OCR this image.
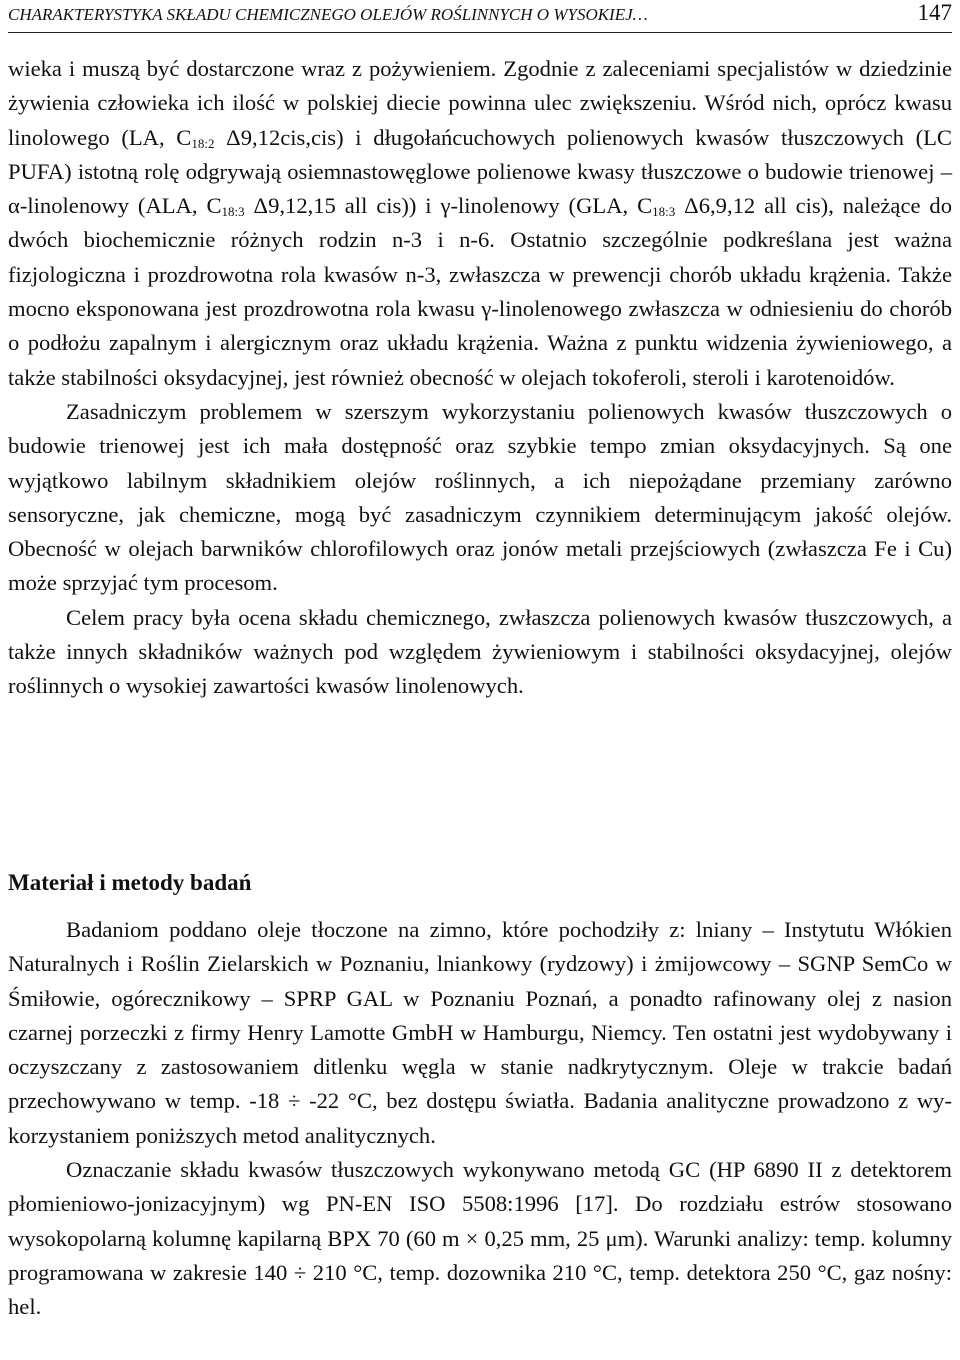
CHARAKTERYSTYKA SKŁADU CHEMICZNEGO OLEJÓW ROŚLINNYCH O WYSOKIEJ…	147

wieka i muszą być dostarczone wraz z pożywieniem. Zgodnie z zaleceniami specjalistów w dziedzinie żywienia człowieka ich ilość w polskiej diecie powinna ulec zwiększeniu. Wśród nich, oprócz kwasu linolowego (LA, $C_{18:2}$ Δ9,12cis,cis) i długołańcuchowych polienowych kwasów tłuszczowych (LC PUFA) istotną rolę odgrywają osiemnastowęglowe polienowe kwasy tłuszczowe o budowie trienowej – α-linolenowy (ALA, $C_{18:3}$ Δ9,12,15 all cis)) i γ-linolenowy (GLA, $C_{18:3}$ Δ6,9,12 all cis), należące do dwóch biochemicznie różnych rodzin n-3 i n-6. Ostatnio szczególnie podkreślana jest ważna fizjologiczna i prozdrowotna rola kwasów n-3, zwłaszcza w prewencji chorób układu krążenia. Także mocno eksponowana jest prozdrowotna rola kwasu γ-linolenowego zwłaszcza w odniesieniu do chorób o podłożu zapalnym i alergicznym oraz układu krążenia. Ważna z punktu widzenia żywieniowego, a także stabilności oksydacyjnej, jest również obecność w olejach tokoferoli, steroli i karotenoidów.

Zasadniczym problemem w szerszym wykorzystaniu polienowych kwasów tłuszczowych o budowie trienowej jest ich mała dostępność oraz szybkie tempo zmian oksydacyjnych. Są one wyjątkowo labilnym składnikiem olejów roślinnych, a ich niepożądane przemiany zarówno sensoryczne, jak chemiczne, mogą być zasadniczym czynnikiem determinującym jakość olejów. Obecność w olejach barwników chlorofilowych oraz jonów metali przejściowych (zwłaszcza Fe i Cu) może sprzyjać tym procesom.

Celem pracy była ocena składu chemicznego, zwłaszcza polienowych kwasów tłuszczowych, a także innych składników ważnych pod względem żywieniowym i stabilności oksydacyjnej, olejów roślinnych o wysokiej zawartości kwasów linolenowych.

Materiał i metody badań

Badaniom poddano oleje tłoczone na zimno, które pochodziły z: lniany – Instytutu Włókien Naturalnych i Roślin Zielarskich w Poznaniu, lniankowy (rydzowy) i żmijowcowy – SGNP SemCo w Śmiłowie, ogórecznikowy – SPRP GAL w Poznaniu Poznań, a ponadto rafinowany olej z nasion czarnej porzeczki z firmy Henry Lamotte GmbH w Hamburgu, Niemcy. Ten ostatni jest wydobywany i oczyszczany z zastosowaniem ditlenku węgla w stanie nadkrytycznym. Oleje w trakcie badań przechowywano w temp. -18 ÷ -22 °C, bez dostępu światła. Badania analityczne prowadzono z wykorzystaniem poniższych metod analitycznych.

Oznaczanie składu kwasów tłuszczowych wykonywano metodą GC (HP 6890 II z detektorem płomieniowo-jonizacyjnym) wg PN-EN ISO 5508:1996 [17]. Do rozdziału estrów stosowano wysokopolarną kolumnę kapilarną BPX 70 (60 m × 0,25 mm, 25 μm). Warunki analizy: temp. kolumny programowana w zakresie 140 ÷ 210 °C, temp. dozownika 210 °C, temp. detektora 250 °C, gaz nośny: hel.
